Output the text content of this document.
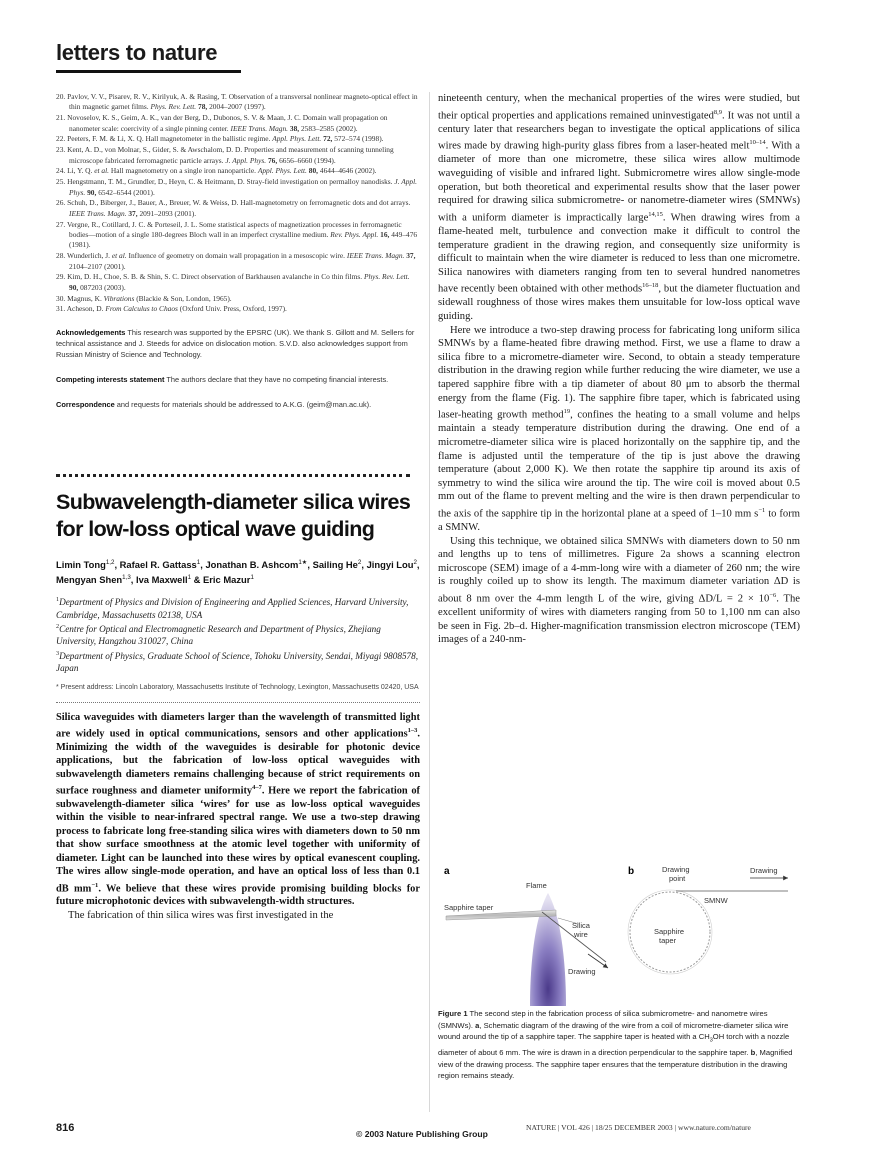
letters to nature
20. Pavlov, V. V., Pisarev, R. V., Kirilyuk, A. & Rasing, T. Observation of a transversal nonlinear magneto-optical effect in thin magnetic garnet films. Phys. Rev. Lett. 78, 2004–2007 (1997).
21. Novoselov, K. S., Geim, A. K., van der Berg, D., Dubonos, S. V. & Maan, J. C. Domain wall propagation on nanometer scale: coercivity of a single pinning center. IEEE Trans. Magn. 38, 2583–2585 (2002).
22. Peeters, F. M. & Li, X. Q. Hall magnetometer in the ballistic regime. Appl. Phys. Lett. 72, 572–574 (1998).
23. Kent, A. D., von Molnar, S., Gider, S. & Awschalom, D. D. Properties and measurement of scanning tunneling microscope fabricated ferromagnetic particle arrays. J. Appl. Phys. 76, 6656–6660 (1994).
24. Li, Y. Q. et al. Hall magnetometry on a single iron nanoparticle. Appl. Phys. Lett. 80, 4644–4646 (2002).
25. Hengstmann, T. M., Grundler, D., Heyn, C. & Heitmann, D. Stray-field investigation on permalloy nanodisks. J. Appl. Phys. 90, 6542–6544 (2001).
26. Schuh, D., Biberger, J., Bauer, A., Breuer, W. & Weiss, D. Hall-magnetometry on ferromagnetic dots and dot arrays. IEEE Trans. Magn. 37, 2091–2093 (2001).
27. Vergne, R., Cotillard, J. C. & Porteseil, J. L. Some statistical aspects of magnetization processes in ferromagnetic bodies—motion of a single 180-degrees Bloch wall in an imperfect crystalline medium. Rev. Phys. Appl. 16, 449–476 (1981).
28. Wunderlich, J. et al. Influence of geometry on domain wall propagation in a mesoscopic wire. IEEE Trans. Magn. 37, 2104–2107 (2001).
29. Kim, D. H., Choe, S. B. & Shin, S. C. Direct observation of Barkhausen avalanche in Co thin films. Phys. Rev. Lett. 90, 087203 (2003).
30. Magnus, K. Vibrations (Blackie & Son, London, 1965).
31. Acheson, D. From Calculus to Chaos (Oxford Univ. Press, Oxford, 1997).
Acknowledgements This research was supported by the EPSRC (UK). We thank S. Gillott and M. Sellers for technical assistance and J. Steeds for advice on dislocation motion. S.V.D. also acknowledges support from Russian Ministry of Science and Technology.
Competing interests statement The authors declare that they have no competing financial interests.
Correspondence and requests for materials should be addressed to A.K.G. (geim@man.ac.uk).
Subwavelength-diameter silica wires for low-loss optical wave guiding
Limin Tong$^{1,2}$, Rafael R. Gattass$^1$, Jonathan B. Ashcom$^{1★}$, Sailing He$^2$, Jingyi Lou$^2$, Mengyan Shen$^{1,3}$, Iva Maxwell$^1$ & Eric Mazur$^1$
$^1$Department of Physics and Division of Engineering and Applied Sciences, Harvard University, Cambridge, Massachusetts 02138, USA
$^2$Centre for Optical and Electromagnetic Research and Department of Physics, Zhejiang University, Hangzhou 310027, China
$^3$Department of Physics, Graduate School of Science, Tohoku University, Sendai, Miyagi 9808578, Japan
* Present address: Lincoln Laboratory, Massachusetts Institute of Technology, Lexington, Massachusetts 02420, USA
Silica waveguides with diameters larger than the wavelength of transmitted light are widely used in optical communications, sensors and other applications$^{1-3}$. Minimizing the width of the waveguides is desirable for photonic device applications, but the fabrication of low-loss optical waveguides with subwavelength diameters remains challenging because of strict requirements on surface roughness and diameter uniformity$^{4-7}$. Here we report the fabrication of subwavelength-diameter silica ‘wires’ for use as low-loss optical waveguides within the visible to near-infrared spectral range. We use a two-step drawing process to fabricate long free-standing silica wires with diameters down to 50 nm that show surface smoothness at the atomic level together with uniformity of diameter. Light can be launched into these wires by optical evanescent coupling. The wires allow single-mode operation, and have an optical loss of less than 0.1 dB $mm^{-1}$. We believe that these wires provide promising building blocks for future microphotonic devices with subwavelength-width structures.

The fabrication of thin silica wires was first investigated in the

nineteenth century, when the mechanical properties of the wires were studied, but their optical properties and applications remained uninvestigated$^{8,9}$. It was not until a century later that researchers began to investigate the optical applications of silica wires made by drawing high-purity glass fibres from a laser-heated melt$^{10-14}$. With a diameter of more than one micrometre, these silica wires allow multimode waveguiding of visible and infrared light. Submicrometre wires allow single-mode operation, but both theoretical and experimental results show that the laser power required for drawing silica submicrometre- or nanometre-diameter wires (SMNWs) with a uniform diameter is impractically large$^{14,15}$. When drawing wires from a flame-heated melt, turbulence and convection make it difficult to control the temperature gradient in the drawing region, and consequently size uniformity is difficult to maintain when the wire diameter is reduced to less than one micrometre. Silica nanowires with diameters ranging from ten to several hundred nanometres have recently been obtained with other methods$^{16-18}$, but the diameter fluctuation and sidewall roughness of those wires makes them unsuitable for low-loss optical wave guiding.

Here we introduce a two-step drawing process for fabricating long uniform silica SMNWs by a flame-heated fibre drawing method. First, we use a flame to draw a silica fibre to a micrometre-diameter wire. Second, to obtain a steady temperature distribution in the drawing region while further reducing the wire diameter, we use a tapered sapphire fibre with a tip diameter of about 80 μm to absorb the thermal energy from the flame (Fig. 1). The sapphire fibre taper, which is fabricated using laser-heating growth method$^{19}$, confines the heating to a small volume and helps maintain a steady temperature distribution during the drawing. One end of a micrometre-diameter silica wire is placed horizontally on the sapphire tip, and the flame is adjusted until the temperature of the tip is just above the drawing temperature (about 2,000 K). We then rotate the sapphire tip around its axis of symmetry to wind the silica wire around the tip. The wire coil is moved about 0.5 mm out of the flame to prevent melting and the wire is then drawn perpendicular to the axis of the sapphire tip in the horizontal plane at a speed of 1–10 mm $s^{-1}$ to form a SMNW.

Using this technique, we obtained silica SMNWs with diameters down to 50 nm and lengths up to tens of millimetres. Figure 2a shows a scanning electron microscope (SEM) image of a 4-mm-long wire with a diameter of 260 nm; the wire is roughly coiled up to show its length. The maximum diameter variation ΔD is about 8 nm over the 4-mm length L of the wire, giving $\Delta D/L = 2 \times 10^{-6}$. The excellent uniformity of wires with diameters ranging from 50 to 1,100 nm can also be seen in Fig. 2b–d. Higher-magnification transmission electron microscope (TEM) images of a 240-nm-

a
Flame
Sapphire taper
Silica
wire
Drawing
b	Drawing
Drawing
point
SMNW
Sapphire
taper
Figure 1 The second step in the fabrication process of silica submicrometre- and nanometre wires (SMNWs). a, Schematic diagram of the drawing of the wire from a coil of micrometre-diameter silica wire wound around the tip of a sapphire taper. The sapphire taper is heated with a $CH_3OH$ torch with a nozzle diameter of about 6 mm. The wire is drawn in a direction perpendicular to the sapphire taper. b, Magnified view of the drawing process. The sapphire taper ensures that the temperature distribution in the drawing region remains steady.
816	© 2003 Nature Publishing Group
NATURE | VOL 426 | 18/25 DECEMBER 2003 | www.nature.com/nature
